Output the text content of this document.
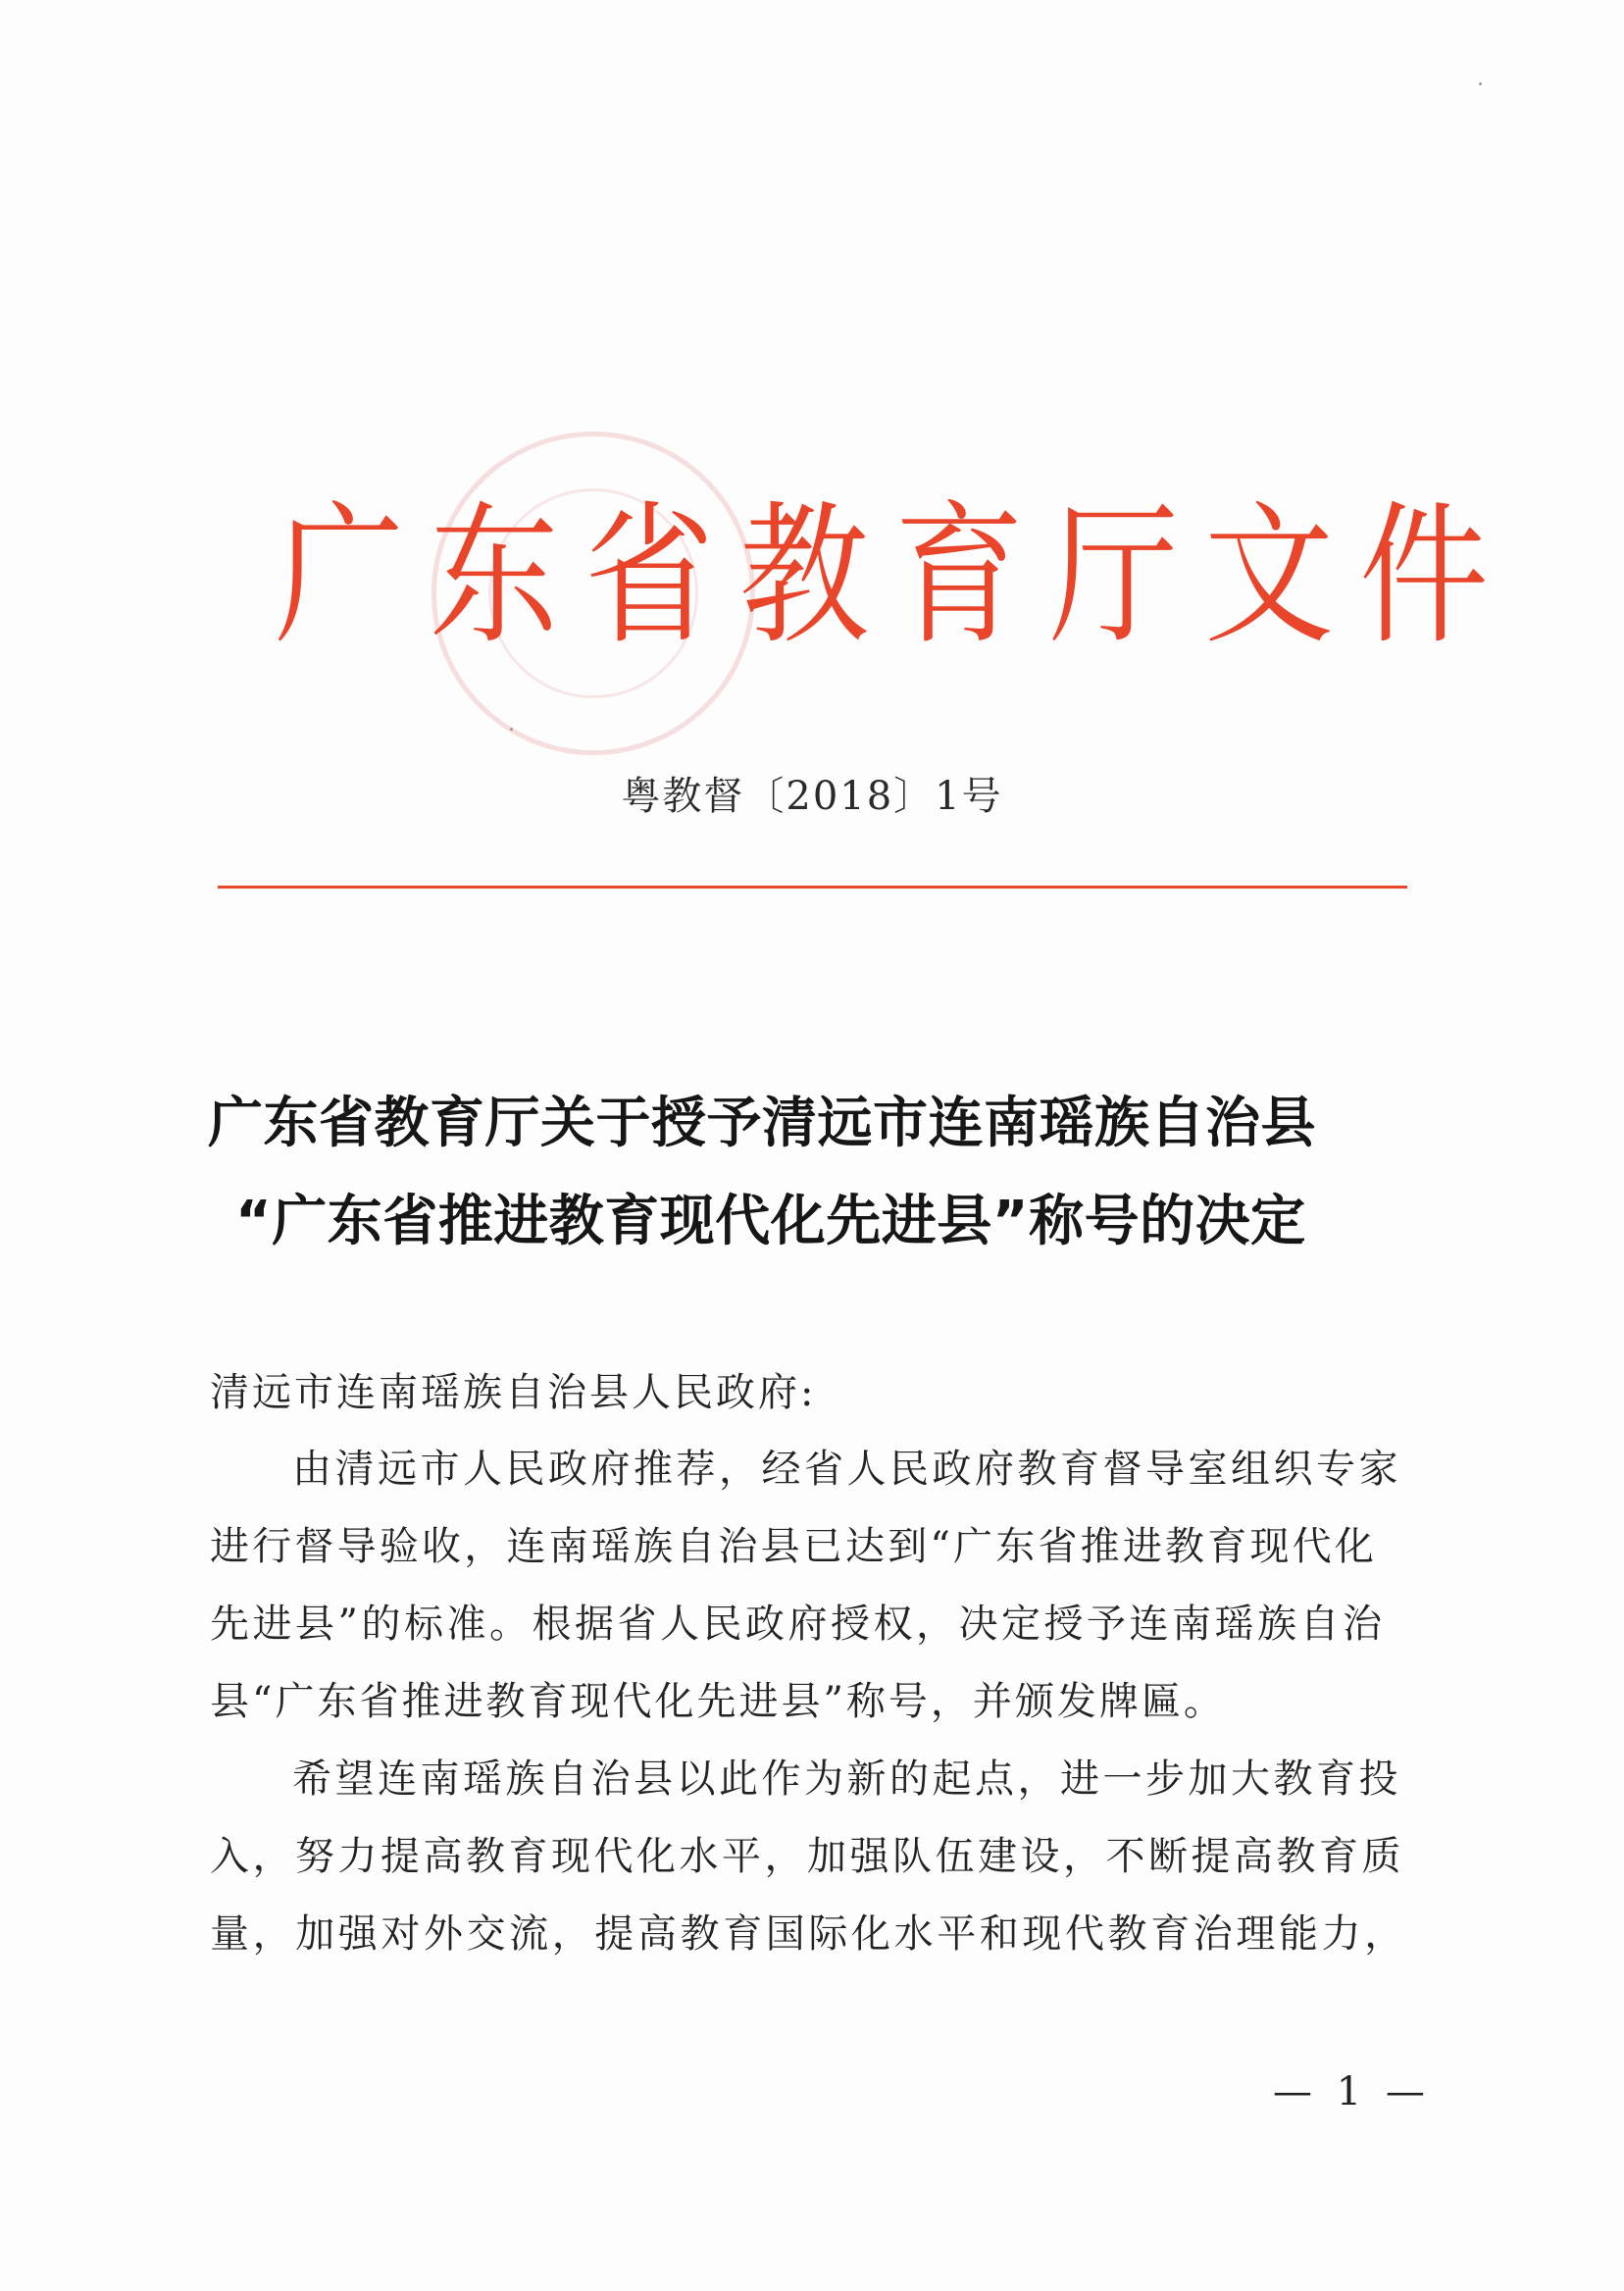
广东省教育厅文件
粤教督〔2018〕1号
广东省教育厅关于授予清远市连南瑶族自治县
“广东省推进教育现代化先进县”称号的决定
清远市连南瑶族自治县人民政府:
由清远市人民政府推荐，经省人民政府教育督导室组织专家
进行督导验收，连南瑶族自治县已达到“广东省推进教育现代化
先进县”的标准。根据省人民政府授权，决定授予连南瑶族自治
县“广东省推进教育现代化先进县”称号，并颁发牌匾。
希望连南瑶族自治县以此作为新的起点，进一步加大教育投
入，努力提高教育现代化水平，加强队伍建设，不断提高教育质
量，加强对外交流，提高教育国际化水平和现代教育治理能力，
— 1 —
